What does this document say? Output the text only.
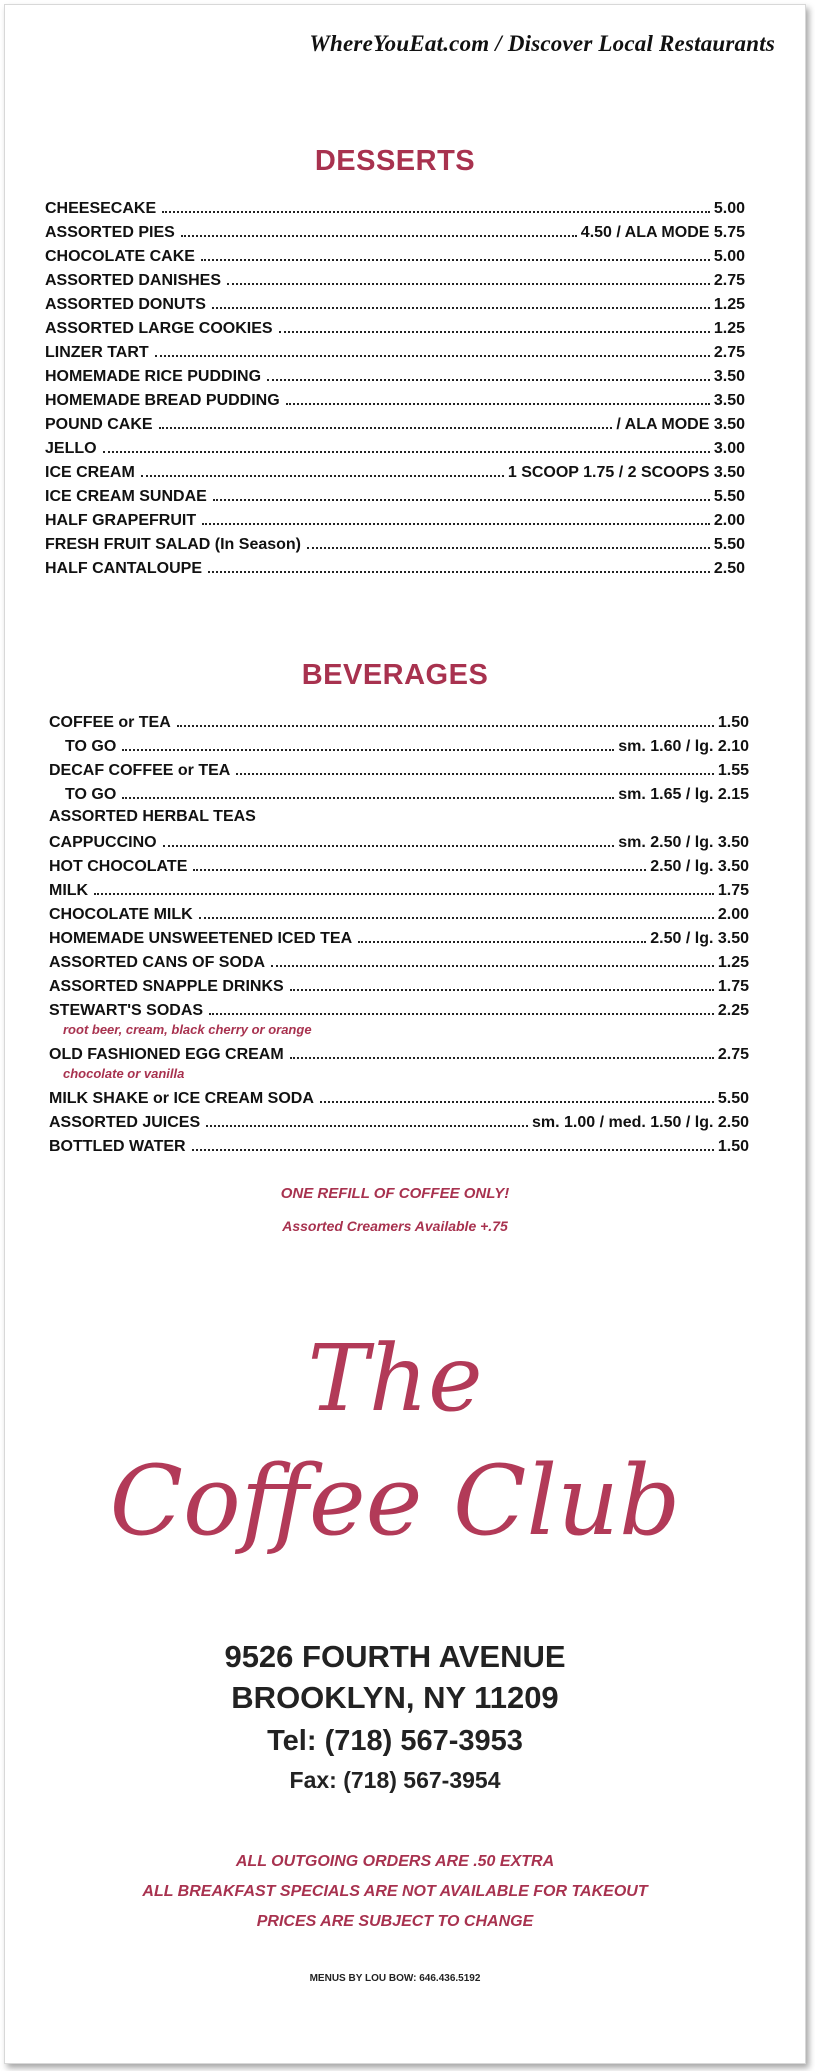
WhereYouEat.com / Discover Local Restaurants
DESSERTS
CHEESECAKE	5.00
ASSORTED PIES	4.50 / ALA MODE 5.75
CHOCOLATE CAKE	5.00
ASSORTED DANISHES	2.75
ASSORTED DONUTS	1.25
ASSORTED LARGE COOKIES	1.25
LINZER TART	2.75
HOMEMADE RICE PUDDING	3.50
HOMEMADE BREAD PUDDING	3.50
POUND CAKE	/ ALA MODE 3.50
JELLO	3.00
ICE CREAM	1 SCOOP 1.75 / 2 SCOOPS 3.50
ICE CREAM SUNDAE	5.50
HALF GRAPEFRUIT	2.00
FRESH FRUIT SALAD (In Season)	5.50
HALF CANTALOUPE	2.50
BEVERAGES
COFFEE or TEA	1.50
TO GO	sm. 1.60 / lg. 2.10
DECAF COFFEE or TEA	1.55
TO GO	sm. 1.65 / lg. 2.15
ASSORTED HERBAL TEAS
CAPPUCCINO	sm. 2.50 / lg. 3.50
HOT CHOCOLATE	2.50 / lg. 3.50
MILK	1.75
CHOCOLATE MILK	2.00
HOMEMADE UNSWEETENED ICED TEA	2.50 / lg. 3.50
ASSORTED CANS OF SODA	1.25
ASSORTED SNAPPLE DRINKS	1.75
STEWART'S SODAS	2.25
root beer, cream, black cherry or orange
OLD FASHIONED EGG CREAM	2.75
chocolate or vanilla
MILK SHAKE or ICE CREAM SODA	5.50
ASSORTED JUICES	sm. 1.00 / med. 1.50 / lg. 2.50
BOTTLED WATER	1.50
ONE REFILL OF COFFEE ONLY!
Assorted Creamers Available +.75
The
Coffee Club
9526 FOURTH AVENUE
BROOKLYN, NY 11209
Tel: (718) 567-3953
Fax: (718) 567-3954
ALL OUTGOING ORDERS ARE .50 EXTRA
ALL BREAKFAST SPECIALS ARE NOT AVAILABLE FOR TAKEOUT
PRICES ARE SUBJECT TO CHANGE
MENUS BY LOU BOW: 646.436.5192
